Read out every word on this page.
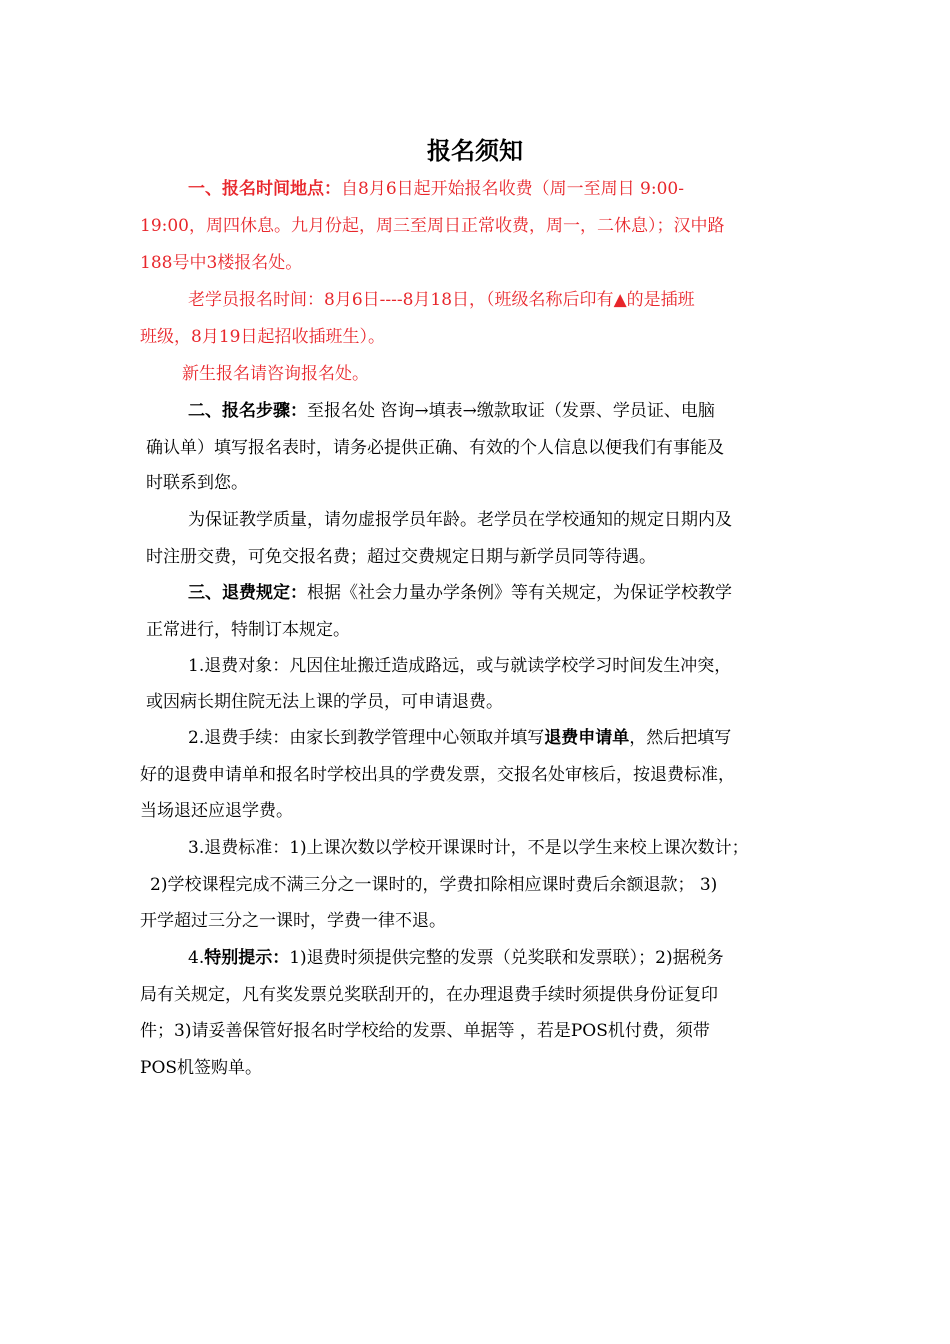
报名须知
一、报名时间地点：自8月6日起开始报名收费（周一至周日 9:00-
19:00，周四休息。九月份起，周三至周日正常收费，周一，二休息）；汉中路
188号中3楼报名处。
老学员报名时间：8月6日----8月18日，（班级名称后印有▲的是插班
班级，8月19日起招收插班生）。
新生报名请咨询报名处。
二、报名步骤：至报名处 咨询→填表→缴款取证（发票、学员证、电脑
确认单）填写报名表时，请务必提供正确、有效的个人信息以便我们有事能及
时联系到您。
为保证教学质量，请勿虚报学员年龄。老学员在学校通知的规定日期内及
时注册交费，可免交报名费；超过交费规定日期与新学员同等待遇。
三、退费规定：根据《社会力量办学条例》等有关规定，为保证学校教学
正常进行，特制订本规定。
1.退费对象：凡因住址搬迁造成路远，或与就读学校学习时间发生冲突，
或因病长期住院无法上课的学员，可申请退费。
2.退费手续：由家长到教学管理中心领取并填写退费申请单，然后把填写
好的退费申请单和报名时学校出具的学费发票，交报名处审核后，按退费标准，
当场退还应退学费。
3.退费标准：1)上课次数以学校开课课时计，不是以学生来校上课次数计；
2)学校课程完成不满三分之一课时的，学费扣除相应课时费后余额退款； 3)
开学超过三分之一课时，学费一律不退。
4.特别提示：1)退费时须提供完整的发票（兑奖联和发票联）；2)据税务
局有关规定，凡有奖发票兑奖联刮开的，在办理退费手续时须提供身份证复印
件；3)请妥善保管好报名时学校给的发票、单据等 ，若是POS机付费，须带
POS机签购单。
